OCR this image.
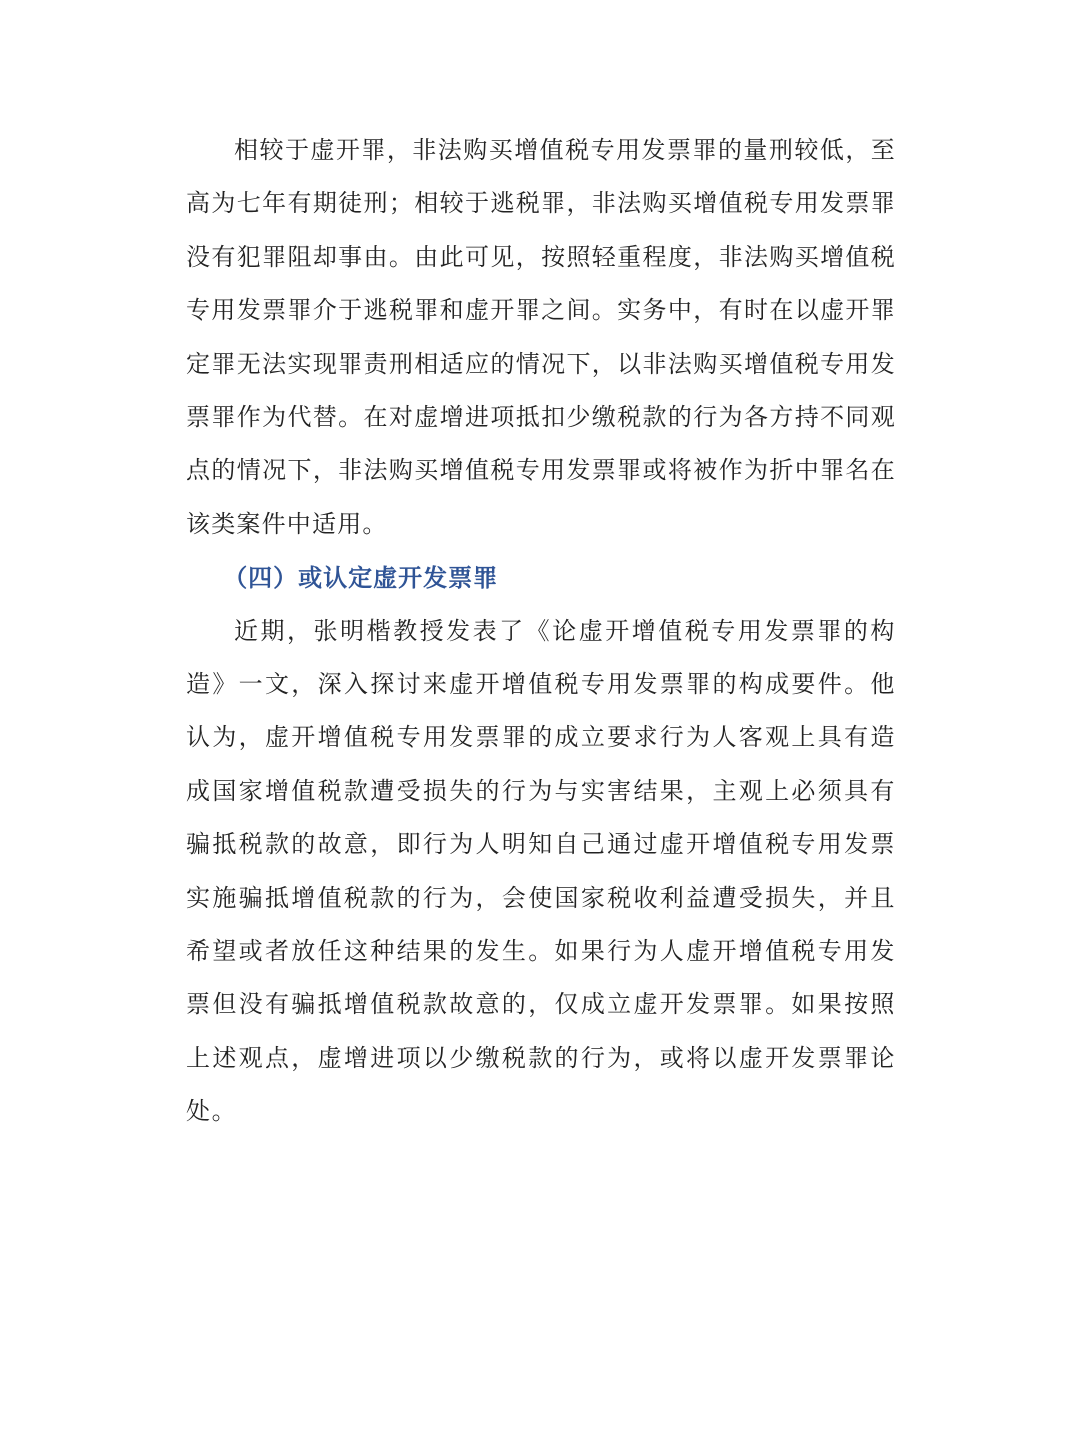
相较于虚开罪，非法购买增值税专用发票罪的量刑较低，至高为七年有期徒刑；相较于逃税罪，非法购买增值税专用发票罪没有犯罪阻却事由。由此可见，按照轻重程度，非法购买增值税专用发票罪介于逃税罪和虚开罪之间。实务中，有时在以虚开罪定罪无法实现罪责刑相适应的情况下，以非法购买增值税专用发票罪作为代替。在对虚增进项抵扣少缴税款的行为各方持不同观点的情况下，非法购买增值税专用发票罪或将被作为折中罪名在该类案件中适用。

（四）或认定虚开发票罪

近期，张明楷教授发表了《论虚开增值税专用发票罪的构造》一文，深入探讨来虚开增值税专用发票罪的构成要件。他认为，虚开增值税专用发票罪的成立要求行为人客观上具有造成国家增值税款遭受损失的行为与实害结果，主观上必须具有骗抵税款的故意，即行为人明知自己通过虚开增值税专用发票实施骗抵增值税款的行为，会使国家税收利益遭受损失，并且希望或者放任这种结果的发生。如果行为人虚开增值税专用发票但没有骗抵增值税款故意的，仅成立虚开发票罪。如果按照上述观点，虚增进项以少缴税款的行为，或将以虚开发票罪论处。
